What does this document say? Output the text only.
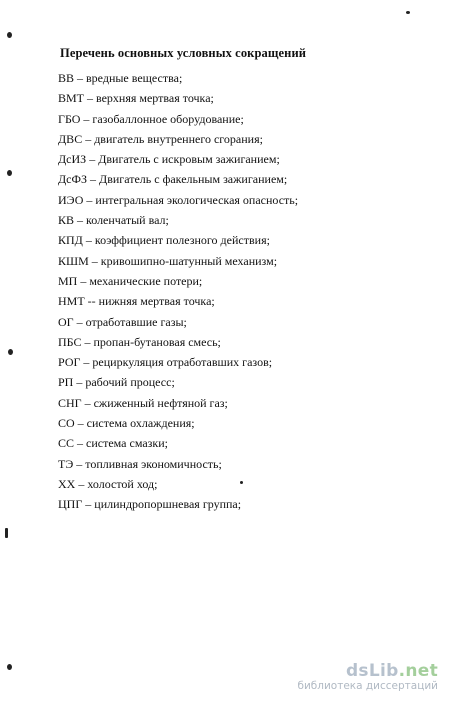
Перечень основных условных сокращений
ВВ – вредные вещества;
ВМТ – верхняя мертвая точка;
ГБО – газобаллонное оборудование;
ДВС – двигатель внутреннего сгорания;
ДсИЗ – Двигатель с искровым зажиганием;
ДсФЗ – Двигатель с факельным зажиганием;
ИЭО – интегральная экологическая опасность;
КВ – коленчатый вал;
КПД – коэффициент полезного действия;
КШМ – кривошипно-шатунный механизм;
МП – механические потери;
НМТ -- нижняя мертвая точка;
ОГ – отработавшие газы;
ПБС – пропан-бутановая смесь;
РОГ – рециркуляция отработавших газов;
РП – рабочий процесс;
СНГ – сжиженный нефтяной газ;
СО – система охлаждения;
СС – система смазки;
ТЭ – топливная экономичность;
ХХ – холостой ход;
ЦПГ – цилиндропоршневая группа;
dsLib.net
библиотека диссертаций
